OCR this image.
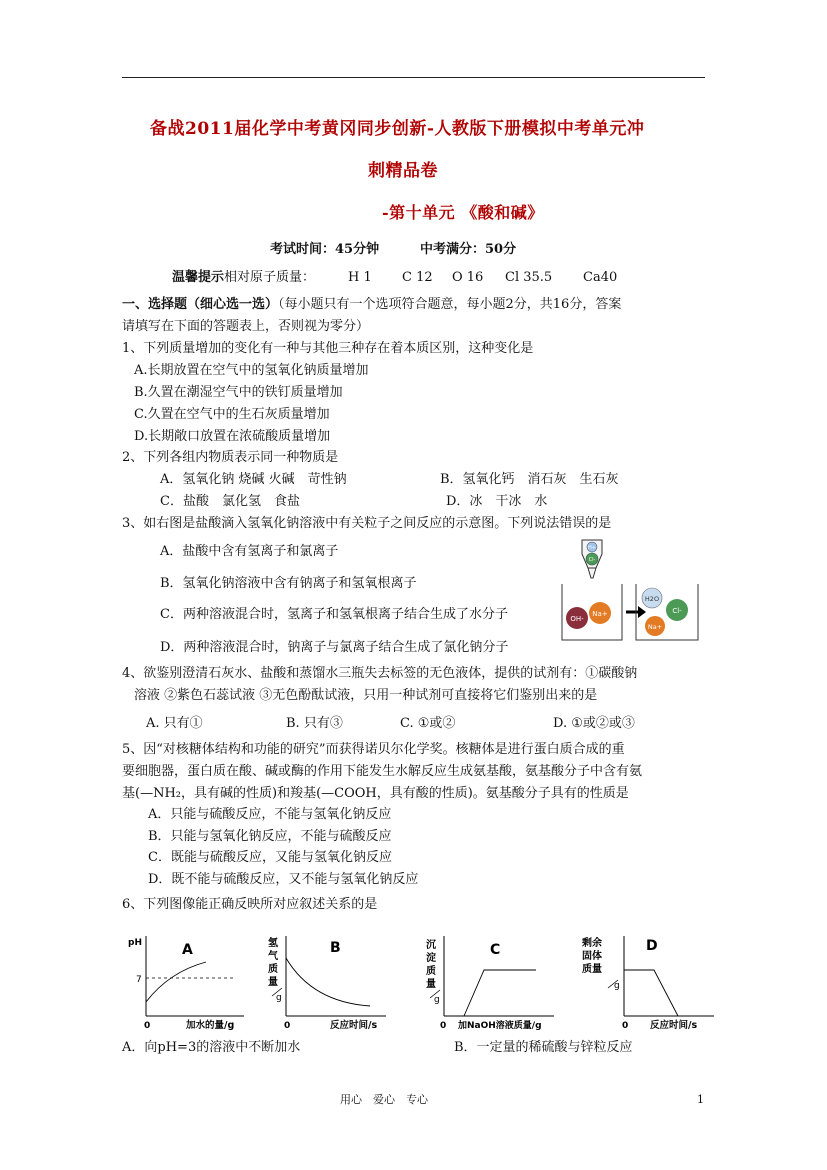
备战2011届化学中考黄冈同步创新-人教版下册模拟中考单元冲
刺精品卷
-第十单元 《酸和碱》
考试时间：45分钟	中考满分：50分
温馨提示相对原子质量：	H 1 C 12 O 16 Cl 35.5 Ca40
一、选择题（细心选一选）（每小题只有一个选项符合题意，每小题2分，共16分，答案
请填写在下面的答题表上，否则视为零分）
1、下列质量增加的变化有一种与其他三种存在着本质区别，这种变化是
A.长期放置在空气中的氢氧化钠质量增加
B.久置在潮湿空气中的铁钉质量增加
C.久置在空气中的生石灰质量增加
D.长期敞口放置在浓硫酸质量增加
2、下列各组内物质表示同一种物质是
A．氢氧化钠 烧碱 火碱　苛性钠	B．氢氧化钙　消石灰　生石灰
C．盐酸　氯化氢　食盐	D．冰　干冰　水
3、如右图是盐酸滴入氢氧化钠溶液中有关粒子之间反应的示意图。下列说法错误的是
A．盐酸中含有氢离子和氯离子
B．氢氧化钠溶液中含有钠离子和氢氧根离子
C．两种溶液混合时，氢离子和氢氧根离子结合生成了水分子
D．两种溶液混合时，钠离子与氯离子结合生成了氯化钠分子
H+
Cl-
OH-
Na+
H2O
Cl-
Na+
4、欲鉴别澄清石灰水、盐酸和蒸馏水三瓶失去标签的无色液体，提供的试剂有：①碳酸钠
溶液 ②紫色石蕊试液 ③无色酚酞试液，只用一种试剂可直接将它们鉴别出来的是
A. 只有①	B. 只有③	C. ①或②	D. ①或②或③
5、因“对核糖体结构和功能的研究”而获得诺贝尔化学奖。核糖体是进行蛋白质合成的重
要细胞器，蛋白质在酸、碱或酶的作用下能发生水解反应生成氨基酸，氨基酸分子中含有氨
基(—NH₂，具有碱的性质)和羧基(—COOH，具有酸的性质)。氨基酸分子具有的性质是
A．只能与硫酸反应，不能与氢氧化钠反应
B．只能与氢氧化钠反应，不能与硫酸反应
C．既能与硫酸反应，又能与氢氧化钠反应
D．既不能与硫酸反应，又不能与氢氧化钠反应
6、下列图像能正确反映所对应叙述关系的是
pH	A
7
0	加水的量/g
氢
气
质
量
g
B
0	反应时间/s
沉
淀
质
量
g
C
0 加NaOH溶液质量/g
剩余
固体
质量
g
D
0 反应时间/s
A．向pH=3的溶液中不断加水	B．一定量的稀硫酸与锌粒反应
用心　爱心　专心	1
